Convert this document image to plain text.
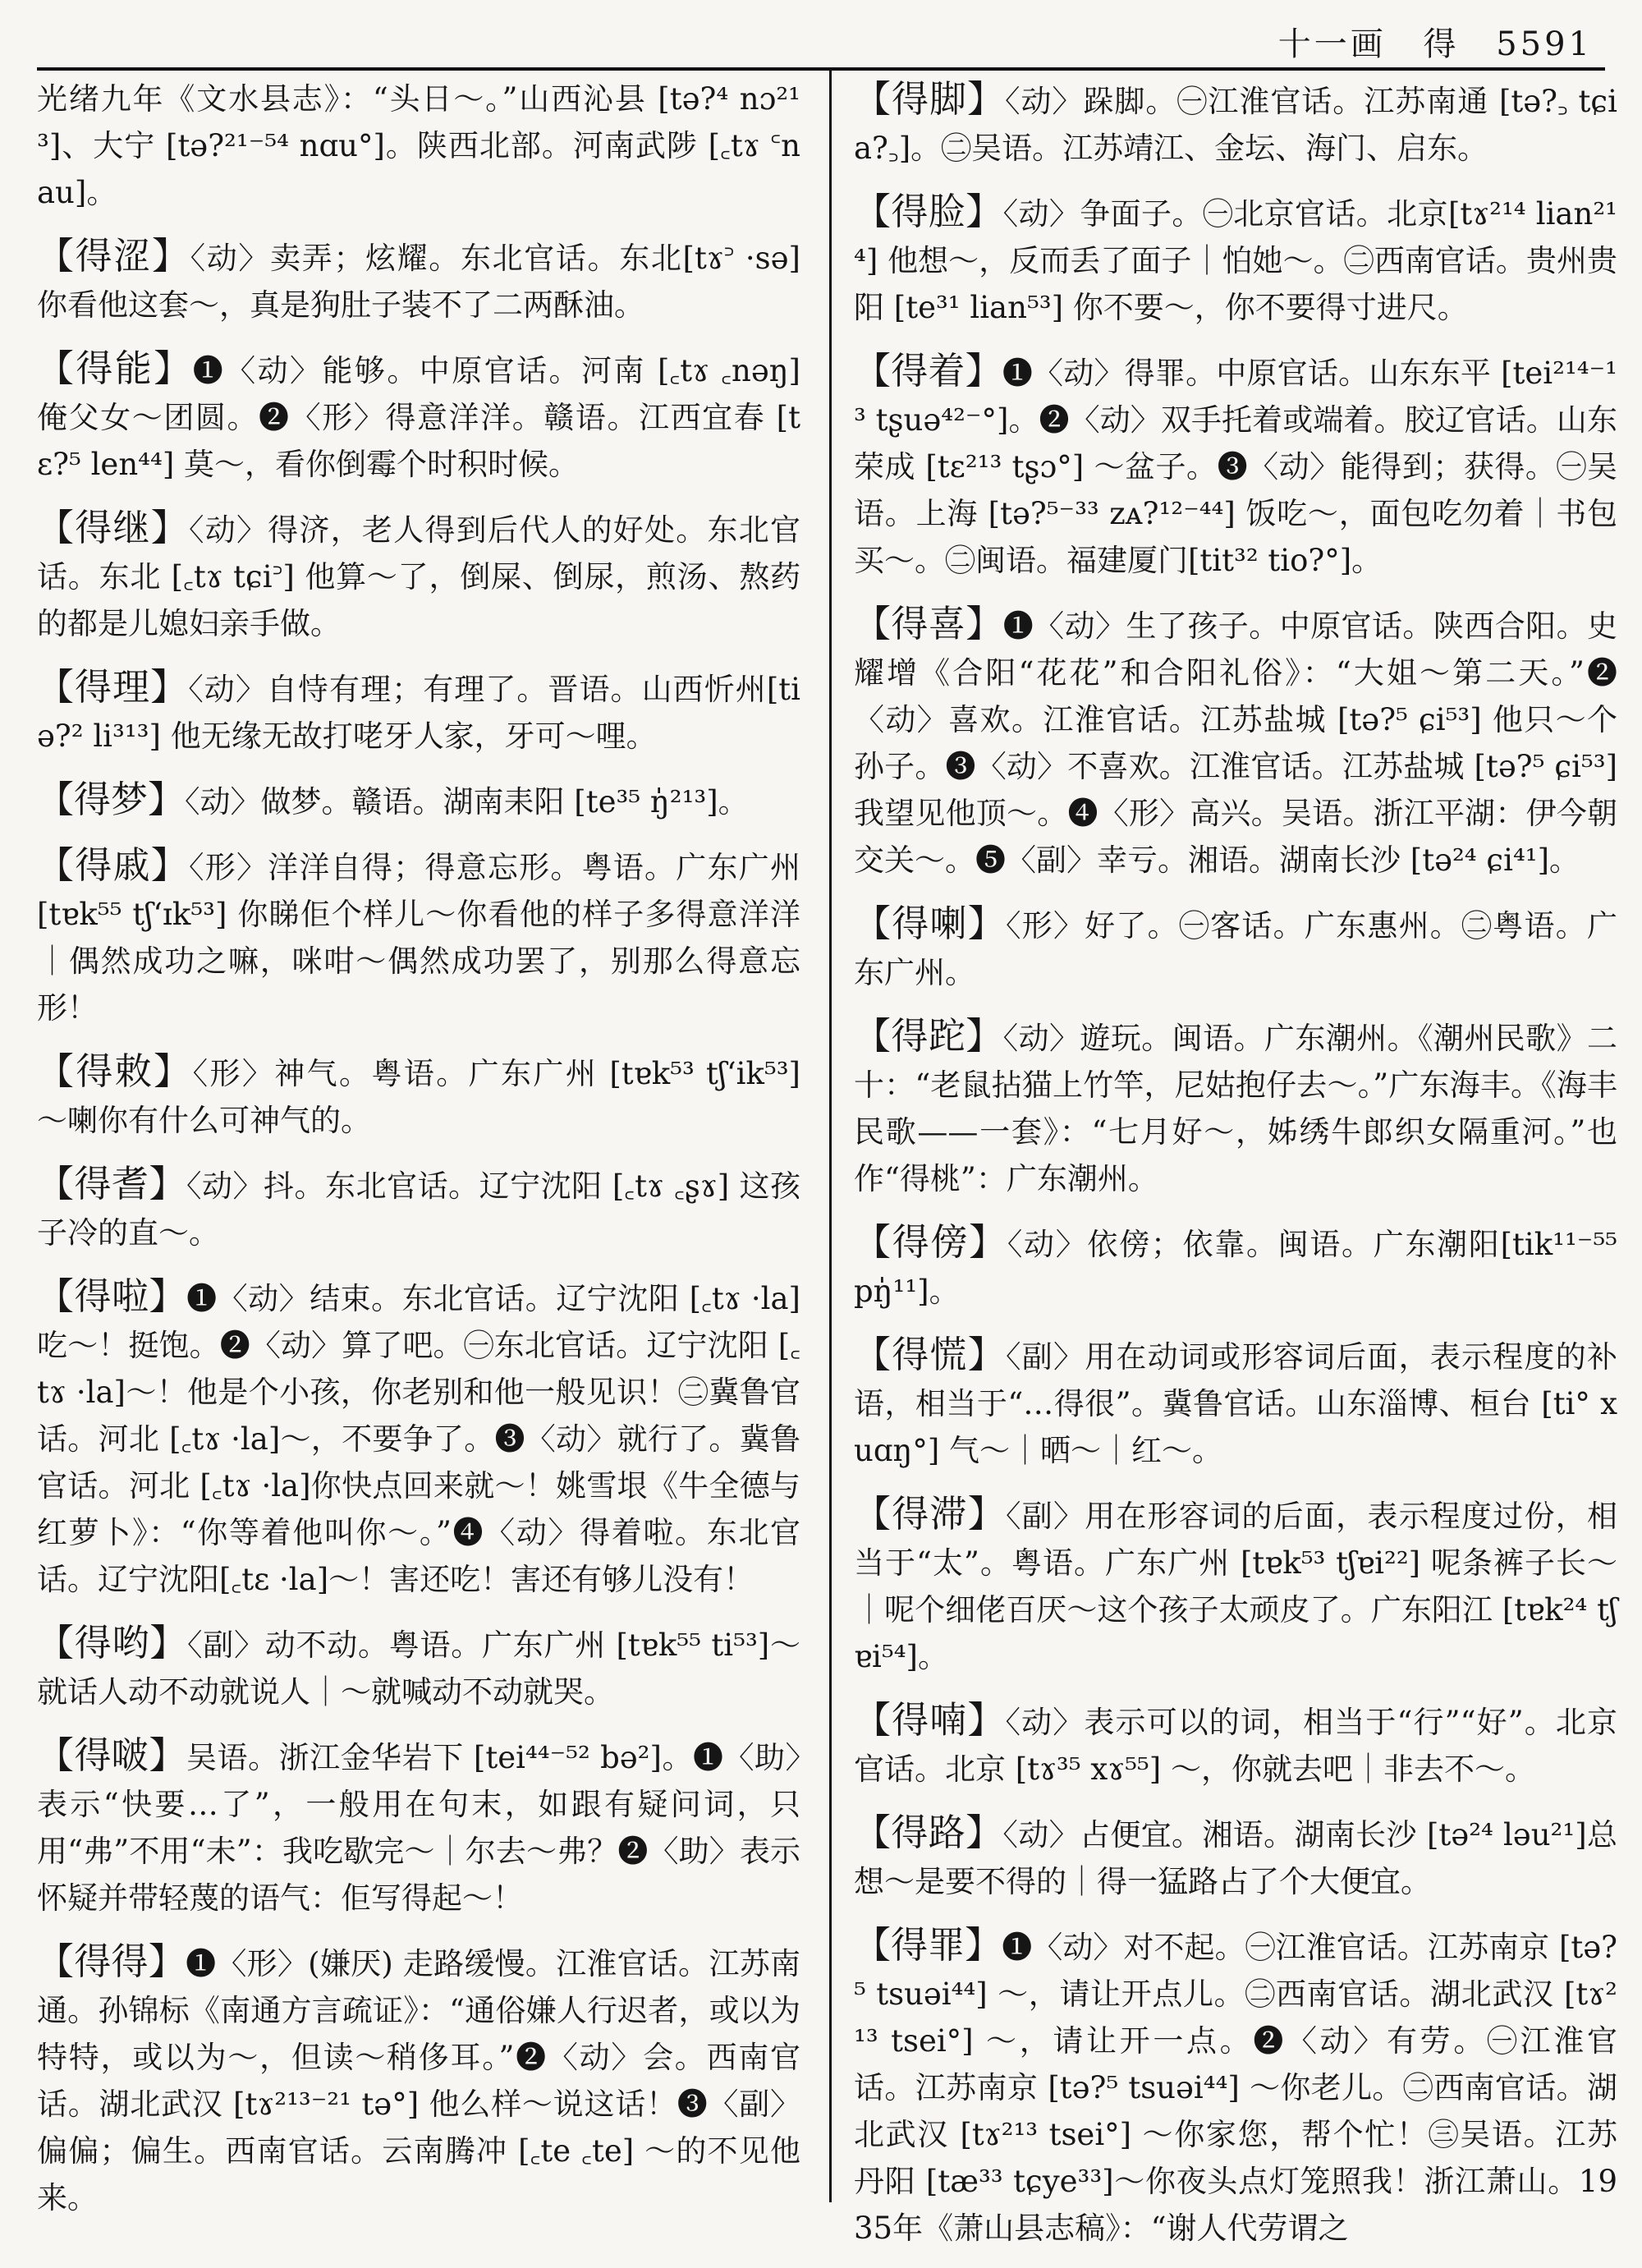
十一画 得 5591
光绪九年《文水县志》：“头日～。”山西沁县 [tə?⁴ nɔ²¹³]、大宁 [tə?²¹⁻⁵⁴ nɑu°]。陕西北部。河南武陟 [꜀tɤ ꜂nau]。
【得涩】〈动〉卖弄；炫耀。东北官话。东北[tɤ꜄ ·sə] 你看他这套～，真是狗肚子装不了二两酥油。
【得能】❶〈动〉能够。中原官话。河南 [꜀tɤ ꜀nəŋ] 俺父女～团圆。❷〈形〉得意洋洋。赣语。江西宜春 [tɛ?⁵ len⁴⁴] 莫～，看你倒霉个时积时候。
【得继】〈动〉得济，老人得到后代人的好处。东北官话。东北 [꜀tɤ tɕi꜄] 他算～了，倒屎、倒尿，煎汤、熬药的都是儿媳妇亲手做。
【得理】〈动〉自恃有理；有理了。晋语。山西忻州[tiə?² li³¹³] 他无缘无故打咾牙人家，牙可～哩。
【得梦】〈动〉做梦。赣语。湖南耒阳 [te³⁵ ŋ̍²¹³]。
【得戚】〈形〉洋洋自得；得意忘形。粤语。广东广州 [tɐk⁵⁵ tʃʻɪk⁵³] 你睇佢个样儿～你看他的样子多得意洋洋｜偶然成功之嘛，咪咁～偶然成功罢了，别那么得意忘形！
【得敕】〈形〉神气。粤语。广东广州 [tɐk⁵³ tʃʻik⁵³] ～喇你有什么可神气的。
【得耆】〈动〉抖。东北官话。辽宁沈阳 [꜀tɤ ꜀ʂɤ] 这孩子冷的直～。
【得啦】❶〈动〉结束。东北官话。辽宁沈阳 [꜀tɤ ·la] 吃～！挺饱。❷〈动〉算了吧。㊀东北官话。辽宁沈阳 [꜀tɤ ·la]～！他是个小孩，你老别和他一般见识！㊁冀鲁官话。河北 [꜀tɤ ·la]～，不要争了。❸〈动〉就行了。冀鲁官话。河北 [꜀tɤ ·la]你快点回来就～！姚雪垠《牛全德与红萝卜》：“你等着他叫你～。”❹〈动〉得着啦。东北官话。辽宁沈阳[꜀tɛ ·la]～！害还吃！害还有够儿没有！
【得哟】〈副〉动不动。粤语。广东广州 [tɐk⁵⁵ ti⁵³]～就话人动不动就说人｜～就喊动不动就哭。
【得啵】吴语。浙江金华岩下 [tei⁴⁴⁻⁵² bə²]。❶〈助〉表示“快要…了”，一般用在句末，如跟有疑问词，只用“弗”不用“未”：我吃歇完～｜尔去～弗？❷〈助〉表示怀疑并带轻蔑的语气：佢写得起～！
【得得】❶〈形〉(嫌厌) 走路缓慢。江淮官话。江苏南通。孙锦标《南通方言疏证》：“通俗嫌人行迟者，或以为特特，或以为～，但读～稍侈耳。”❷〈动〉会。西南官话。湖北武汉 [tɤ²¹³⁻²¹ tə°] 他么样～说这话！❸〈副〉偏偏；偏生。西南官话。云南腾冲 [꜀te ꜀te] ～的不见他来。
【得脚】〈动〉跺脚。㊀江淮官话。江苏南通 [tə?꜆ tɕia?꜆]。㊁吴语。江苏靖江、金坛、海门、启东。
【得脸】〈动〉争面子。㊀北京官话。北京[tɤ²¹⁴ lian²¹⁴] 他想～，反而丢了面子｜怕她～。㊁西南官话。贵州贵阳 [te³¹ lian⁵³] 你不要～，你不要得寸进尺。
【得着】❶〈动〉得罪。中原官话。山东东平 [tei²¹⁴⁻¹³ tʂuə⁴²⁻°]。❷〈动〉双手托着或端着。胶辽官话。山东荣成 [tɛ²¹³ tʂɔ°] ～盆子。❸〈动〉能得到；获得。㊀吴语。上海 [tə?⁵⁻³³ zᴀ?¹²⁻⁴⁴] 饭吃～，面包吃勿着｜书包买～。㊁闽语。福建厦门[tit³² tio?°]。
【得喜】❶〈动〉生了孩子。中原官话。陕西合阳。史耀增《合阳“花花”和合阳礼俗》：“大姐～第二天。”❷〈动〉喜欢。江淮官话。江苏盐城 [tə?⁵ ɕi⁵³] 他只～个孙子。❸〈动〉不喜欢。江淮官话。江苏盐城 [tə?⁵ ɕi⁵³] 我望见他顶～。❹〈形〉高兴。吴语。浙江平湖：伊今朝交关～。❺〈副〉幸亏。湘语。湖南长沙 [tə²⁴ ɕi⁴¹]。
【得喇】〈形〉好了。㊀客话。广东惠州。㊁粤语。广东广州。
【得跎】〈动〉遊玩。闽语。广东潮州。《潮州民歌》二十：“老鼠拈猫上竹竿，尼姑抱仔去～。”广东海丰。《海丰民歌——一套》：“七月好～，姊绣牛郎织女隔重河。”也作“得桃”：广东潮州。
【得傍】〈动〉依傍；依靠。闽语。广东潮阳[tik¹¹⁻⁵⁵ pŋ̍¹¹]。
【得慌】〈副〉用在动词或形容词后面，表示程度的补语，相当于“…得很”。冀鲁官话。山东淄博、桓台 [ti° xuɑŋ°] 气～｜晒～｜红～。
【得滞】〈副〉用在形容词的后面，表示程度过份，相当于“太”。粤语。广东广州 [tɐk⁵³ tʃɐi²²] 呢条裤子长～｜呢个细佬百厌～这个孩子太顽皮了。广东阳江 [tɐk²⁴ tʃɐi⁵⁴]。
【得喃】〈动〉表示可以的词，相当于“行”“好”。北京官话。北京 [tɤ³⁵ xɤ⁵⁵] ～，你就去吧｜非去不～。
【得路】〈动〉占便宜。湘语。湖南长沙 [tə²⁴ ləu²¹]总想～是要不得的｜得一猛路占了个大便宜。
【得罪】❶〈动〉对不起。㊀江淮官话。江苏南京 [tə?⁵ tsuəi⁴⁴] ～，请让开点儿。㊁西南官话。湖北武汉 [tɤ²¹³ tsei°] ～，请让开一点。❷〈动〉有劳。㊀江淮官话。江苏南京 [tə?⁵ tsuəi⁴⁴] ～你老儿。㊁西南官话。湖北武汉 [tɤ²¹³ tsei°] ～你家您，帮个忙！㊂吴语。江苏丹阳 [tæ³³ tɕye³³]～你夜头点灯笼照我！浙江萧山。1935年《萧山县志稿》：“谢人代劳谓之
